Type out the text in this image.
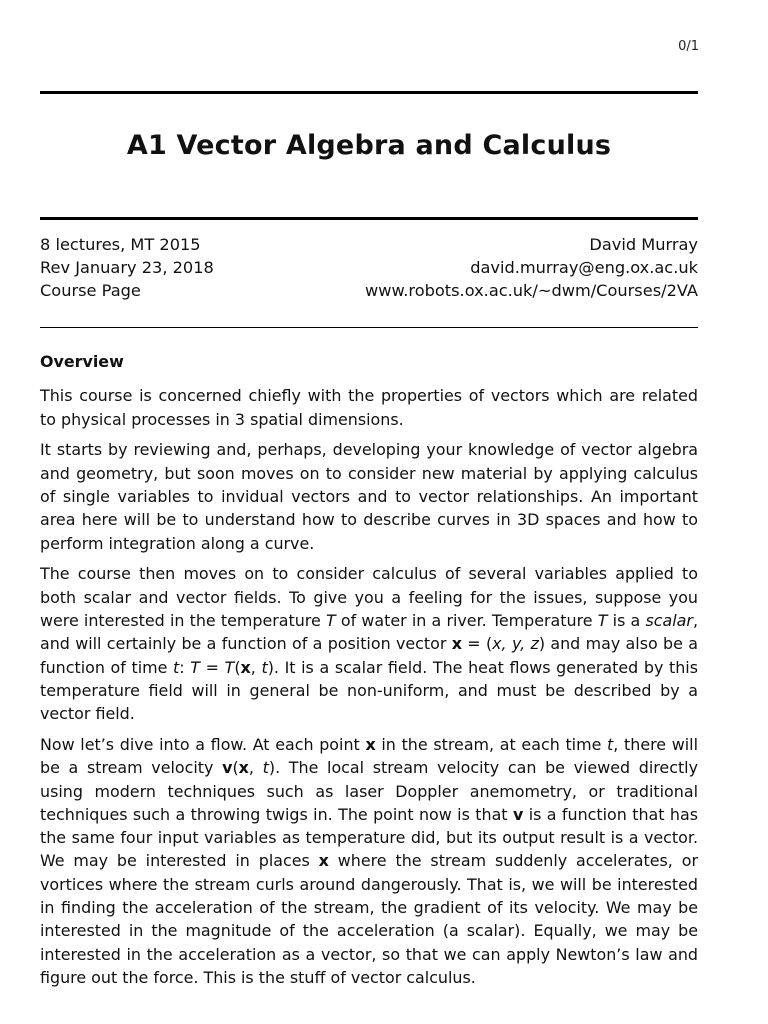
0/1
A1 Vector Algebra and Calculus
8 lectures, MT 2015	David Murray
Rev January 23, 2018	david.murray@eng.ox.ac.uk
Course Page	www.robots.ox.ac.uk/~dwm/Courses/2VA
Overview

This course is concerned chiefly with the properties of vectors which are related to physical processes in 3 spatial dimensions.

It starts by reviewing and, perhaps, developing your knowledge of vector algebra and geometry, but soon moves on to consider new material by applying calculus of single variables to invidual vectors and to vector relationships. An important area here will be to understand how to describe curves in 3D spaces and how to perform integration along a curve.

The course then moves on to consider calculus of several variables applied to both scalar and vector fields. To give you a feeling for the issues, suppose you were interested in the temperature T of water in a river. Temperature T is a scalar, and will certainly be a function of a position vector x = (x, y, z) and may also be a function of time t: T = T(x, t). It is a scalar field. The heat flows generated by this temperature field will in general be non-uniform, and must be described by a vector field.

Now let’s dive into a flow. At each point x in the stream, at each time t, there will be a stream velocity v(x, t). The local stream velocity can be viewed directly using modern techniques such as laser Doppler anemometry, or traditional techniques such a throwing twigs in. The point now is that v is a function that has the same four input variables as temperature did, but its output result is a vector. We may be interested in places x where the stream suddenly accelerates, or vortices where the stream curls around dangerously. That is, we will be interested in finding the acceleration of the stream, the gradient of its velocity. We may be interested in the magnitude of the acceleration (a scalar). Equally, we may be interested in the acceleration as a vector, so that we can apply Newton’s law and figure out the force. This is the stuff of vector calculus.
